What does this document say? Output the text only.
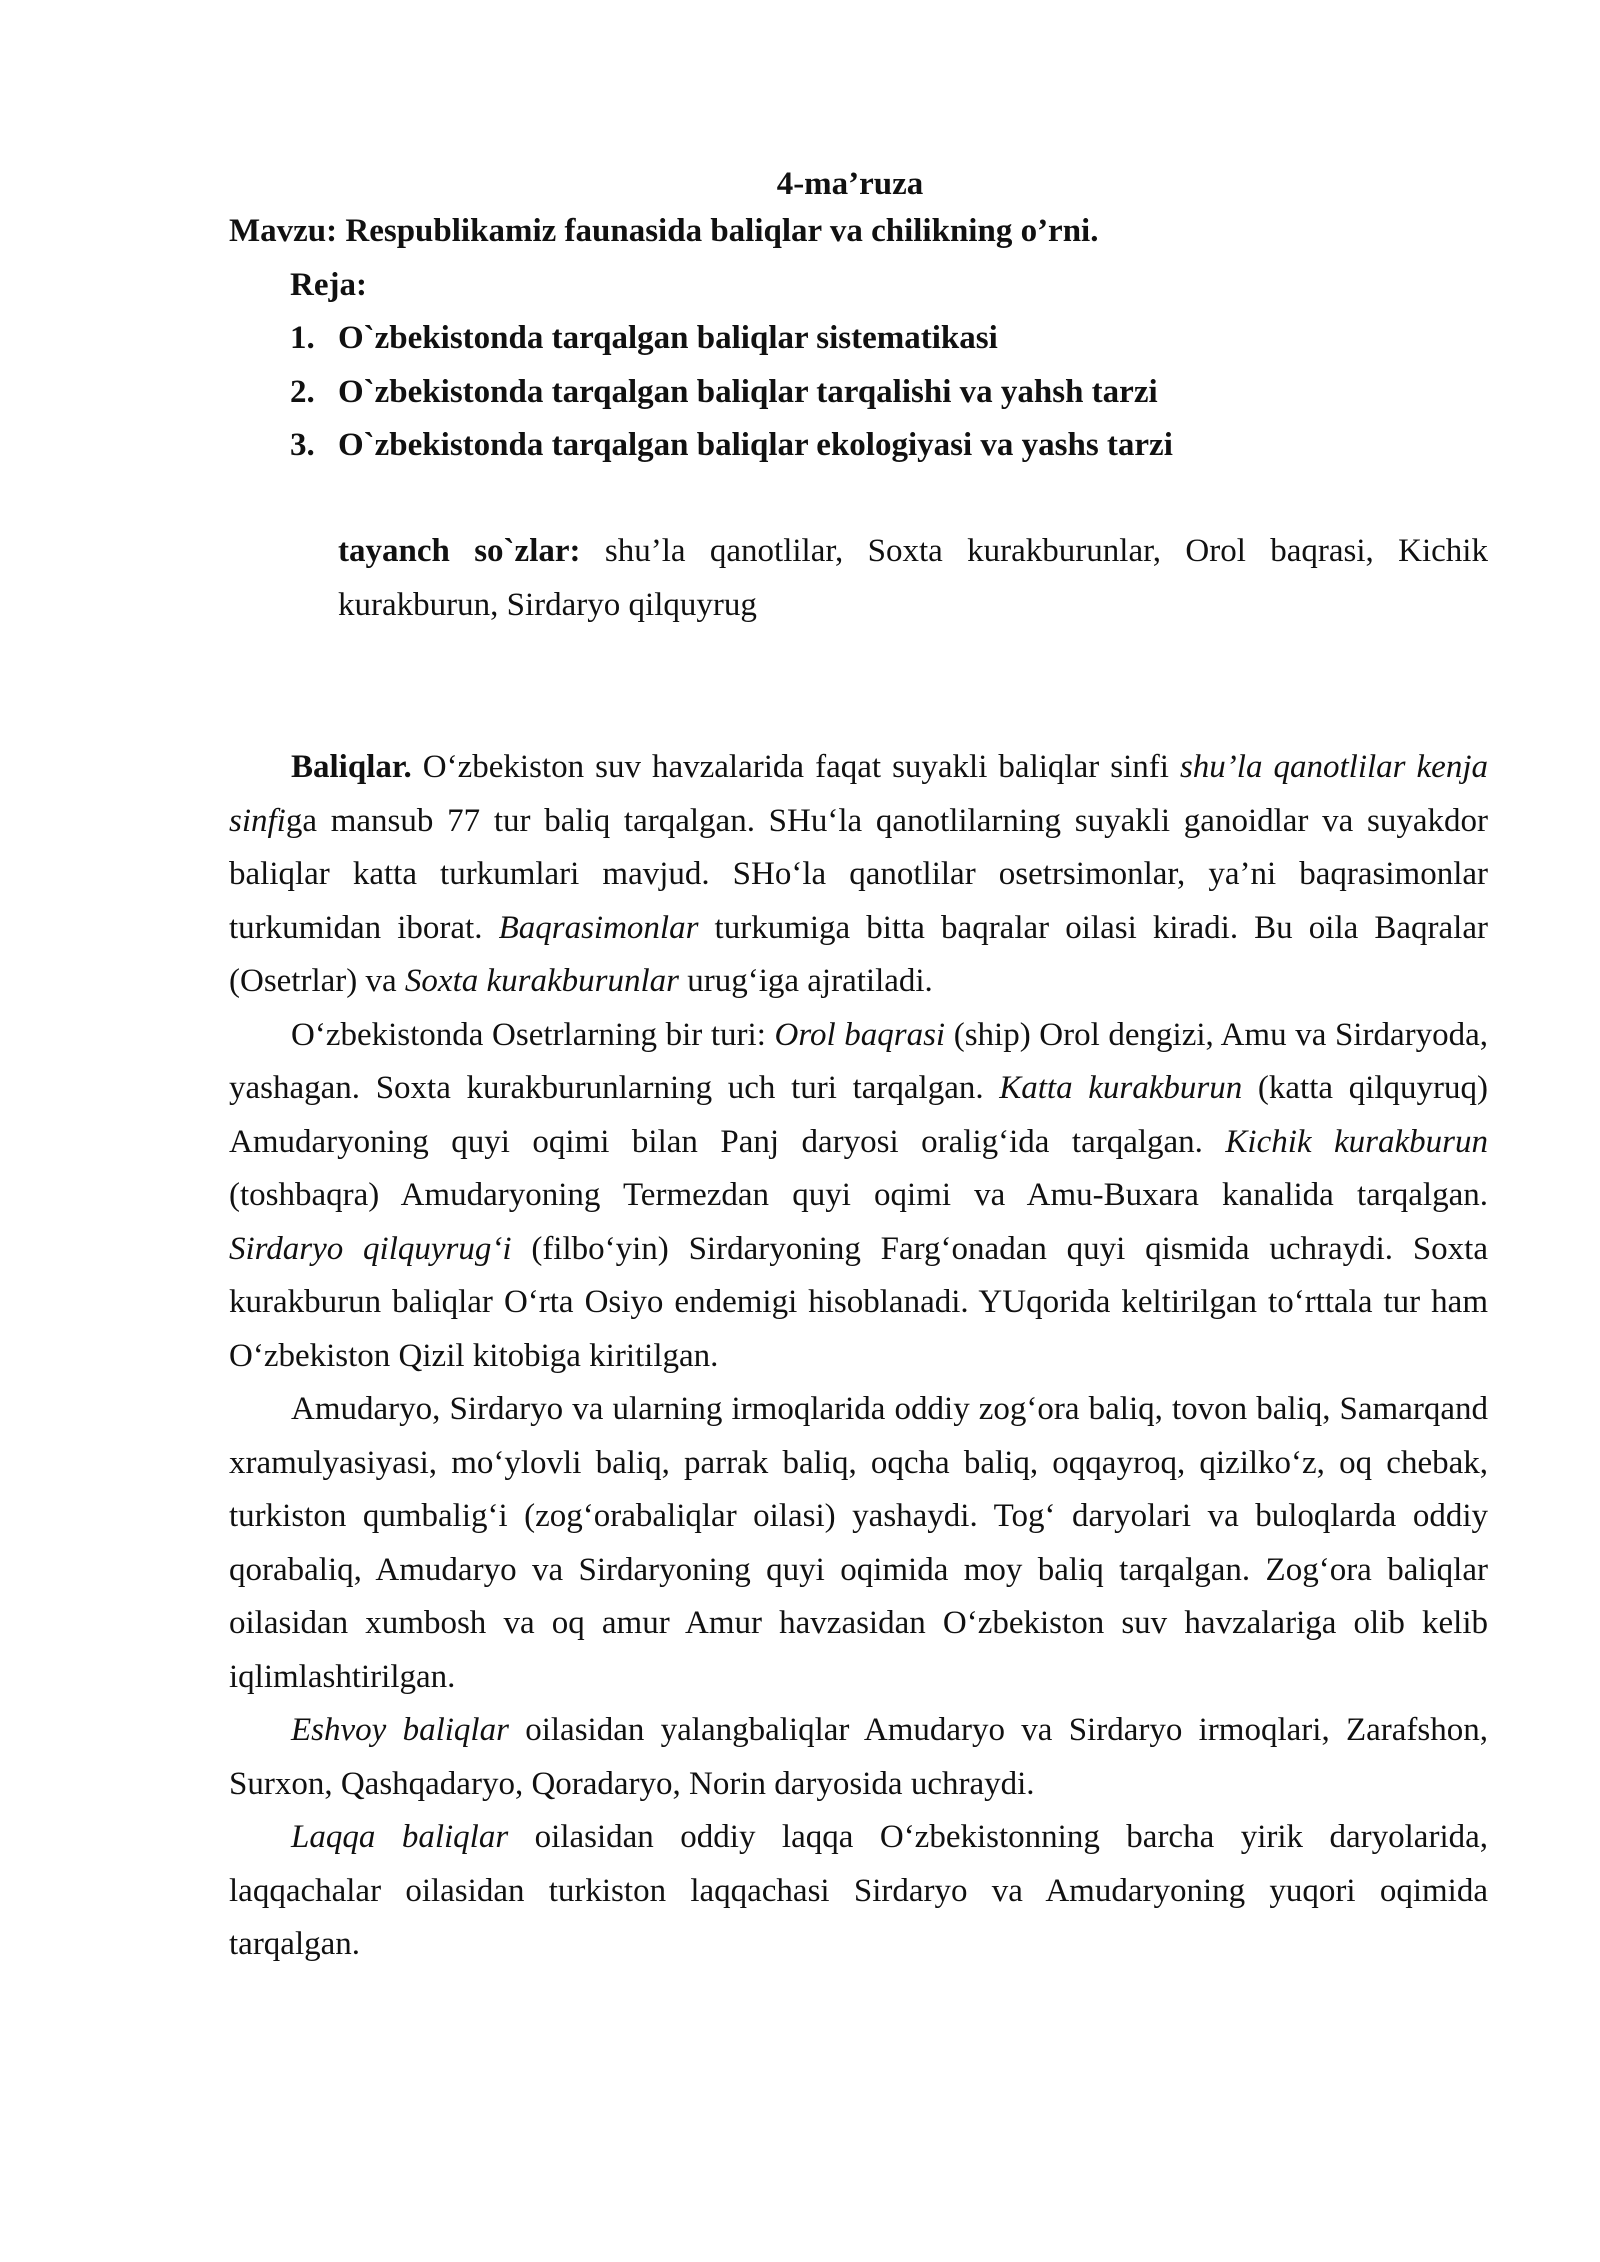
4-ma’ruza
Mavzu: Respublikamiz faunasida baliqlar va chilikning o’rni.
Reja:
1. O`zbekistonda tarqalgan baliqlar sistematikasi
2. O`zbekistonda tarqalgan baliqlar tarqalishi va yahsh tarzi
3. O`zbekistonda tarqalgan baliqlar ekologiyasi va yashs tarzi
tayanch so`zlar: shu’la qanotlilar, Soxta kurakburunlar, Orol baqrasi, Kichik kurakburun, Sirdaryo qilquyrug

Baliqlar. O‘zbekiston suv havzalarida faqat suyakli baliqlar sinfi shu’la qanotlilar kenja sinfiga mansub 77 tur baliq tarqalgan. SHu‘la qanotlilarning suyakli ganoidlar va suyakdor baliqlar katta turkumlari mavjud. SHo‘la qanotlilar osetrsimonlar, ya’ni baqrasimonlar turkumidan iborat. Baqrasimonlar turkumiga bitta baqralar oilasi kiradi. Bu oila Baqralar (Osetrlar) va Soxta kurakburunlar urug‘iga ajratiladi.

O‘zbekistonda Osetrlarning bir turi: Orol baqrasi (ship) Orol dengizi, Amu va Sirdaryoda, yashagan. Soxta kurakburunlarning uch turi tarqalgan. Katta kurakburun (katta qilquyruq) Amudaryoning quyi oqimi bilan Panj daryosi oralig‘ida tarqalgan. Kichik kurakburun (toshbaqra) Amudaryoning Termezdan quyi oqimi va Amu-Buxara kanalida tarqalgan. Sirdaryo qilquyrug‘i (filbo‘yin) Sirdaryoning Farg‘onadan quyi qismida uchraydi. Soxta kurakburun baliqlar O‘rta Osiyo endemigi hisoblanadi. YUqorida keltirilgan to‘rttala tur ham O‘zbekiston Qizil kitobiga kiritilgan.

Amudaryo, Sirdaryo va ularning irmoqlarida oddiy zog‘ora baliq, tovon baliq, Samarqand xramulyasiyasi, mo‘ylovli baliq, parrak baliq, oqcha baliq, oqqayroq, qizilko‘z, oq chebak, turkiston qumbalig‘i (zog‘orabaliqlar oilasi) yashaydi. Tog‘ daryolari va buloqlarda oddiy qorabaliq, Amudaryo va Sirdaryoning quyi oqimida moy baliq tarqalgan. Zog‘ora baliqlar oilasidan xumbosh va oq amur Amur havzasidan O‘zbekiston suv havzalariga olib kelib iqlimlashtirilgan.

Eshvoy baliqlar oilasidan yalangbaliqlar Amudaryo va Sirdaryo irmoqlari, Zarafshon, Surxon, Qashqadaryo, Qoradaryo, Norin daryosida uchraydi.

Laqqa baliqlar oilasidan oddiy laqqa O‘zbekistonning barcha yirik daryolarida, laqqachalar oilasidan turkiston laqqachasi Sirdaryo va Amudaryoning yuqori oqimida tarqalgan.
